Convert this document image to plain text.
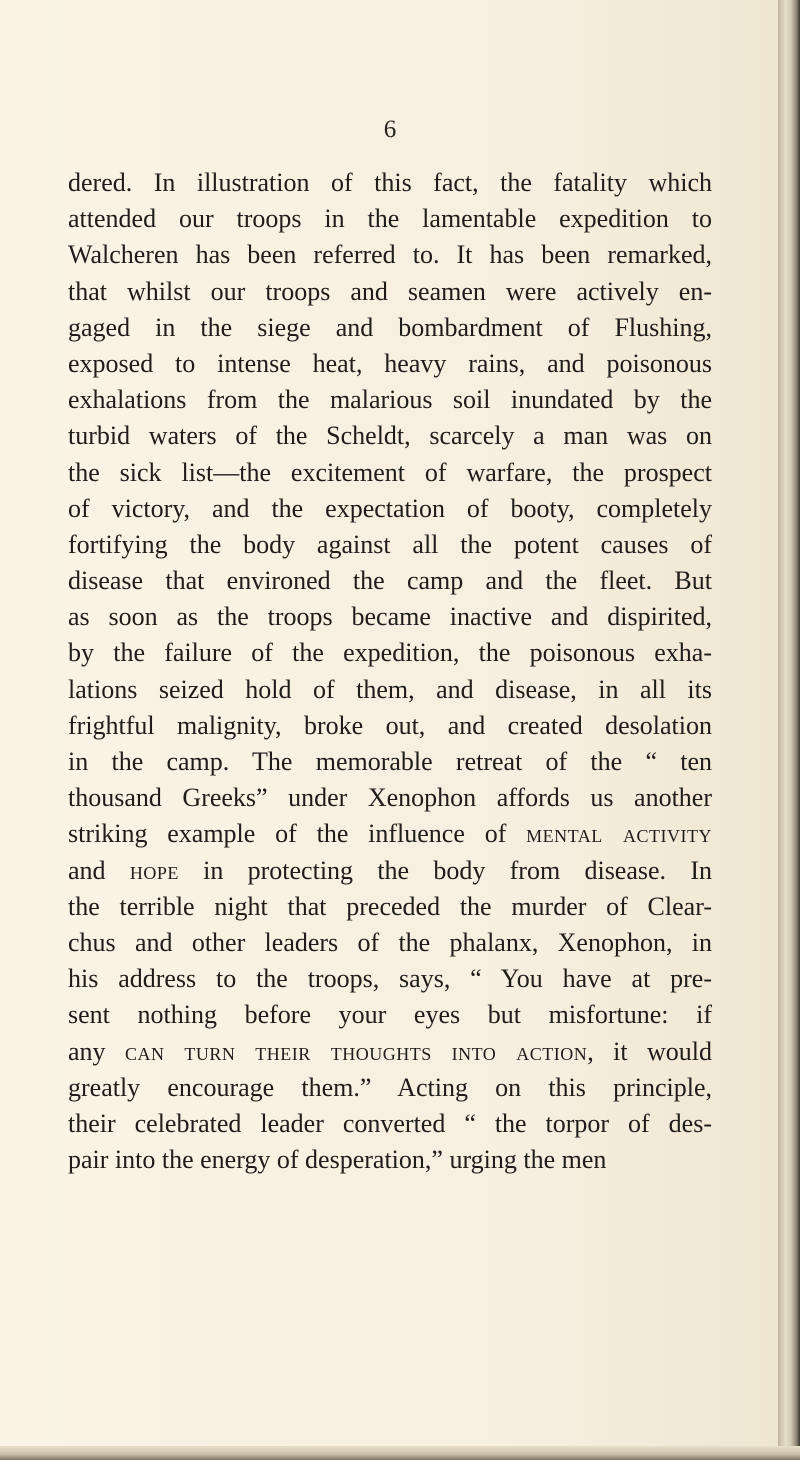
6
dered. In illustration of this fact, the fatality which
attended our troops in the lamentable expedition to
Walcheren has been referred to. It has been remarked,
that whilst our troops and seamen were actively en-
gaged in the siege and bombardment of Flushing,
exposed to intense heat, heavy rains, and poisonous
exhalations from the malarious soil inundated by the
turbid waters of the Scheldt, scarcely a man was on
the sick list—the excitement of warfare, the prospect
of victory, and the expectation of booty, completely
fortifying the body against all the potent causes of
disease that environed the camp and the fleet. But
as soon as the troops became inactive and dispirited,
by the failure of the expedition, the poisonous exha-
lations seized hold of them, and disease, in all its
frightful malignity, broke out, and created desolation
in the camp. The memorable retreat of the “ ten
thousand Greeks” under Xenophon affords us another
striking example of the influence of mental activity
and hope in protecting the body from disease. In
the terrible night that preceded the murder of Clear-
chus and other leaders of the phalanx, Xenophon, in
his address to the troops, says, “ You have at pre-
sent nothing before your eyes but misfortune: if
any can turn their thoughts into action, it would
greatly encourage them.” Acting on this principle,
their celebrated leader converted “ the torpor of des-
pair into the energy of desperation,” urging the men
